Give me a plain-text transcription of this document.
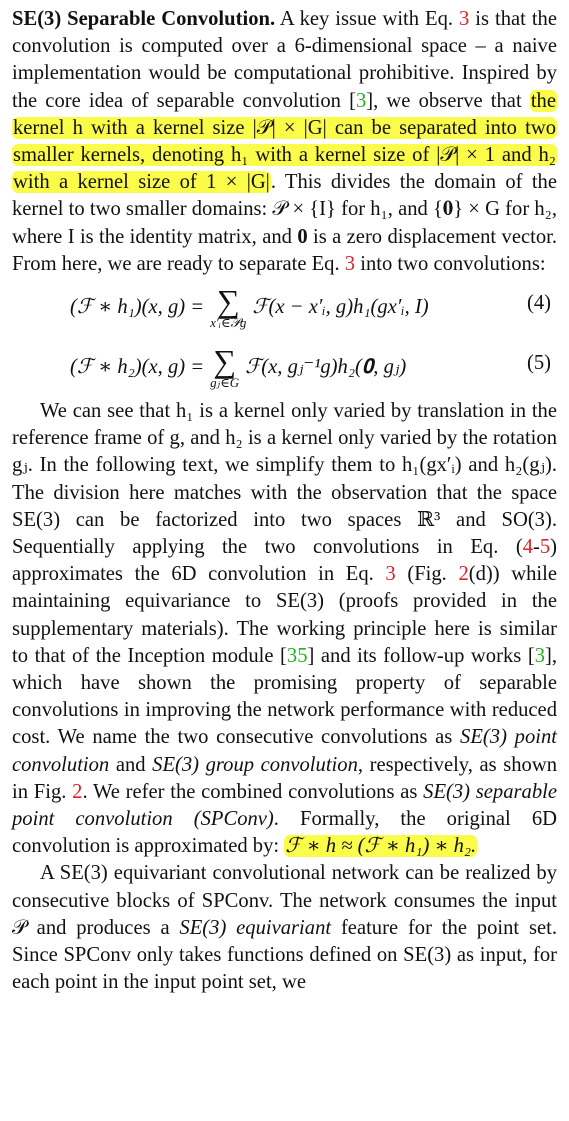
SE(3) Separable Convolution. A key issue with Eq. 3 is that the convolution is computed over a 6-dimensional space – a naive implementation would be computational prohibitive. Inspired by the core idea of separable convolution [3], we observe that the kernel h with a kernel size |𝒫| × |G| can be separated into two smaller kernels, denoting h₁ with a kernel size of |𝒫| × 1 and h₂ with a kernel size of 1 × |G|. This divides the domain of the kernel to two smaller domains: 𝒫 × {I} for h₁, and {𝟎} × G for h₂, where I is the identity matrix, and 0 is a zero displacement vector. From here, we are ready to separate Eq. 3 into two convolutions:

(ℱ ∗ h₁)(x, g) = ∑
x′ᵢ∈𝒫g
ℱ(x − x′ᵢ, g)h₁(gx′ᵢ, I)	(4)
(ℱ ∗ h₂)(x, g) = ∑
gⱼ∈G
ℱ(x, gⱼ⁻¹g)h₂(𝟎, gⱼ)	(5)

We can see that h₁ is a kernel only varied by translation in the reference frame of g, and h₂ is a kernel only varied by the rotation gⱼ. In the following text, we simplify them to h₁(gx′ᵢ) and h₂(gⱼ). The division here matches with the observation that the space SE(3) can be factorized into two spaces ℝ³ and SO(3). Sequentially applying the two convolutions in Eq. (4-5) approximates the 6D convolution in Eq. 3 (Fig. 2(d)) while maintaining equivariance to SE(3) (proofs provided in the supplementary materials). The working principle here is similar to that of the Inception module [35] and its follow-up works [3], which have shown the promising property of separable convolutions in improving the network performance with reduced cost. We name the two consecutive convolutions as SE(3) point convolution and SE(3) group convolution, respectively, as shown in Fig. 2. We refer the combined convolutions as SE(3) separable point convolution (SPConv). Formally, the original 6D convolution is approximated by: ℱ ∗ h ≈ (ℱ ∗ h₁) ∗ h₂.

A SE(3) equivariant convolutional network can be realized by consecutive blocks of SPConv. The network consumes the input 𝒫 and produces a SE(3) equivariant feature for the point set. Since SPConv only takes functions defined on SE(3) as input, for each point in the input point set, we
